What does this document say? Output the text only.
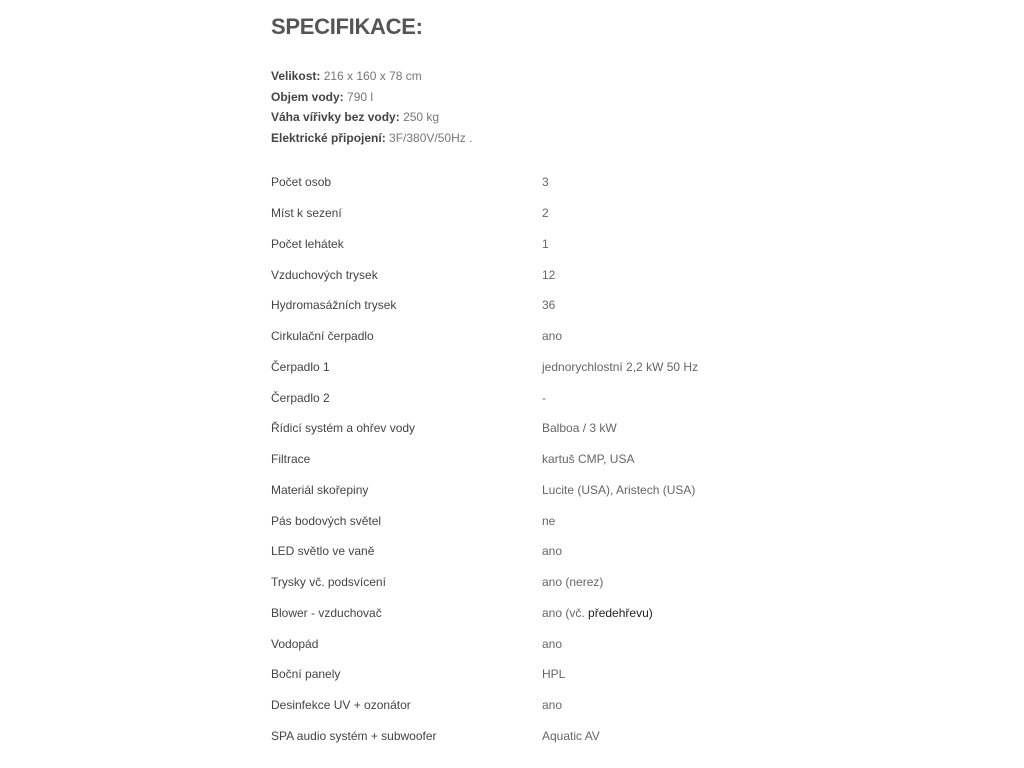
SPECIFIKACE:
Velikost: 216 x 160 x 78 cm
Objem vody: 790 l
Váha vířivky bez vody: 250 kg
Elektrické připojení: 3F/380V/50Hz .
Počet osob	3
Míst k sezení	2
Počet lehátek	1
Vzduchových trysek	12
Hydromasážních trysek	36
Cirkulační čerpadlo	ano
Čerpadlo 1	jednorychlostní 2,2 kW 50 Hz
Čerpadlo 2	-
Řídicí systém a ohřev vody	Balboa / 3 kW
Filtrace	kartuš CMP, USA
Materiál skořepiny	Lucite (USA), Aristech (USA)
Pás bodových světel	ne
LED světlo ve vaně	ano
Trysky vč. podsvícení	ano (nerez)
Blower - vzduchovač	ano (vč. předehřevu)
Vodopád	ano
Boční panely	HPL
Desinfekce UV + ozonátor	ano
SPA audio systém + subwoofer	Aquatic AV
